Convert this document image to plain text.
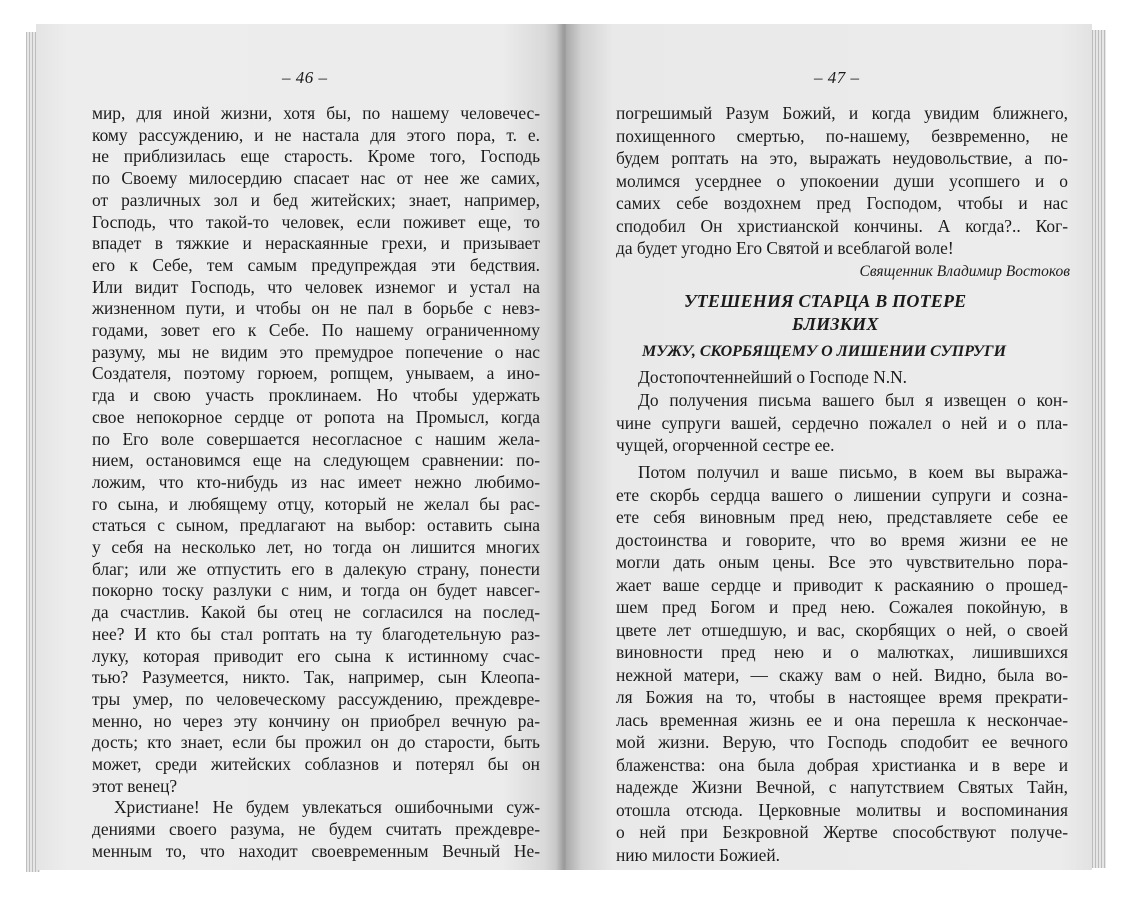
– 46 –
мир, для иной жизни, хотя бы, по нашему человечес-
кому рассуждению, и не настала для этого пора, т. е.
не приблизилась еще старость. Кроме того, Господь
по Своему милосердию спасает нас от нее же самих,
от различных зол и бед житейских; знает, например,
Господь, что такой-то человек, если поживет еще, то
впадет в тяжкие и нераскаянные грехи, и призывает
его к Себе, тем самым предупреждая эти бедствия.
Или видит Господь, что человек изнемог и устал на
жизненном пути, и чтобы он не пал в борьбе с невз-
годами, зовет его к Себе. По нашему ограниченному
разуму, мы не видим это премудрое попечение о нас
Создателя, поэтому горюем, ропщем, унываем, а ино-
гда и свою участь проклинаем. Но чтобы удержать
свое непокорное сердце от ропота на Промысл, когда
по Его воле совершается несогласное с нашим жела-
нием, остановимся еще на следующем сравнении: по-
ложим, что кто-нибудь из нас имеет нежно любимо-
го сына, и любящему отцу, который не желал бы рас-
статься с сыном, предлагают на выбор: оставить сына
у себя на несколько лет, но тогда он лишится многих
благ; или же отпустить его в далекую страну, понести
покорно тоску разлуки с ним, и тогда он будет навсег-
да счастлив. Какой бы отец не согласился на послед-
нее? И кто бы стал роптать на ту благодетельную раз-
луку, которая приводит его сына к истинному счас-
тью? Разумеется, никто. Так, например, сын Клеопа-
тры умер, по человеческому рассуждению, преждевре-
менно, но через эту кончину он приобрел вечную ра-
дость; кто знает, если бы прожил он до старости, быть
может, среди житейских соблазнов и потерял бы он
этот венец?
Христиане! Не будем увлекаться ошибочными суж-
дениями своего разума, не будем считать преждевре-
менным то, что находит своевременным Вечный Не-
– 47 –
погрешимый Разум Божий, и когда увидим ближнего,
похищенного смертью, по-нашему, безвременно, не
будем роптать на это, выражать неудовольствие, а по-
молимся усерднее о упокоении души усопшего и о
самих себе воздохнем пред Господом, чтобы и нас
сподобил Он христианской кончины. А когда?.. Ког-
да будет угодно Его Святой и всеблагой воле!
Священник Владимир Востоков
УТЕШЕНИЯ СТАРЦА В ПОТЕРЕ
БЛИЗКИХ
МУЖУ, СКОРБЯЩЕМУ О ЛИШЕНИИ СУПРУГИ
Достопочтеннейший о Господе N.N.
До получения письма вашего был я извещен о кон-
чине супруги вашей, сердечно пожалел о ней и о пла-
чущей, огорченной сестре ее.
Потом получил и ваше письмо, в коем вы выража-
ете скорбь сердца вашего о лишении супруги и созна-
ете себя виновным пред нею, представляете себе ее
достоинства и говорите, что во время жизни ее не
могли дать оным цены. Все это чувствительно пора-
жает ваше сердце и приводит к раскаянию о прошед-
шем пред Богом и пред нею. Сожалея покойную, в
цвете лет отшедшую, и вас, скорбящих о ней, о своей
виновности пред нею и о малютках, лишившихся
нежной матери, — скажу вам о ней. Видно, была во-
ля Божия на то, чтобы в настоящее время прекрати-
лась временная жизнь ее и она перешла к нескончае-
мой жизни. Верую, что Господь сподобит ее вечного
блаженства: она была добрая христианка и в вере и
надежде Жизни Вечной, с напутствием Святых Тайн,
отошла отсюда. Церковные молитвы и воспоминания
о ней при Безкровной Жертве способствуют получе-
нию милости Божией.
